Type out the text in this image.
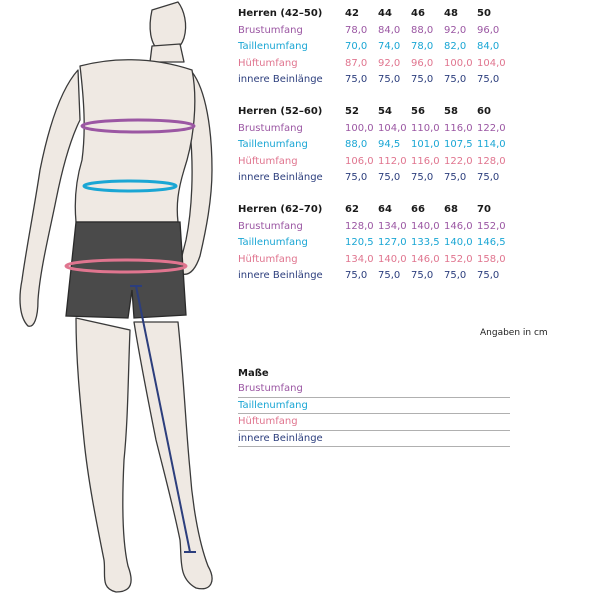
Herren (42–50)	42	44	46	48	50
Brustumfang	78,0	84,0	88,0	92,0	96,0
Taillenumfang	70,0	74,0	78,0	82,0	84,0
Hüftumfang	87,0	92,0	96,0	100,0 104,0
innere Beinlänge	75,0	75,0	75,0	75,0	75,0
Herren (52–60)	52	54	56	58	60
Brustumfang	100,0 104,0 110,0 116,0 122,0
Taillenumfang	88,0	94,5	101,0 107,5 114,0
Hüftumfang	106,0 112,0 116,0 122,0 128,0
innere Beinlänge	75,0	75,0	75,0	75,0	75,0
Herren (62–70)	62	64	66	68	70
Brustumfang	128,0 134,0 140,0 146,0 152,0
Taillenumfang	120,5 127,0 133,5 140,0 146,5
Hüftumfang	134,0 140,0 146,0 152,0 158,0
innere Beinlänge	75,0	75,0	75,0	75,0	75,0
Angaben in cm
Maße
Brustumfang
Taillenumfang
Hüftumfang
innere Beinlänge
